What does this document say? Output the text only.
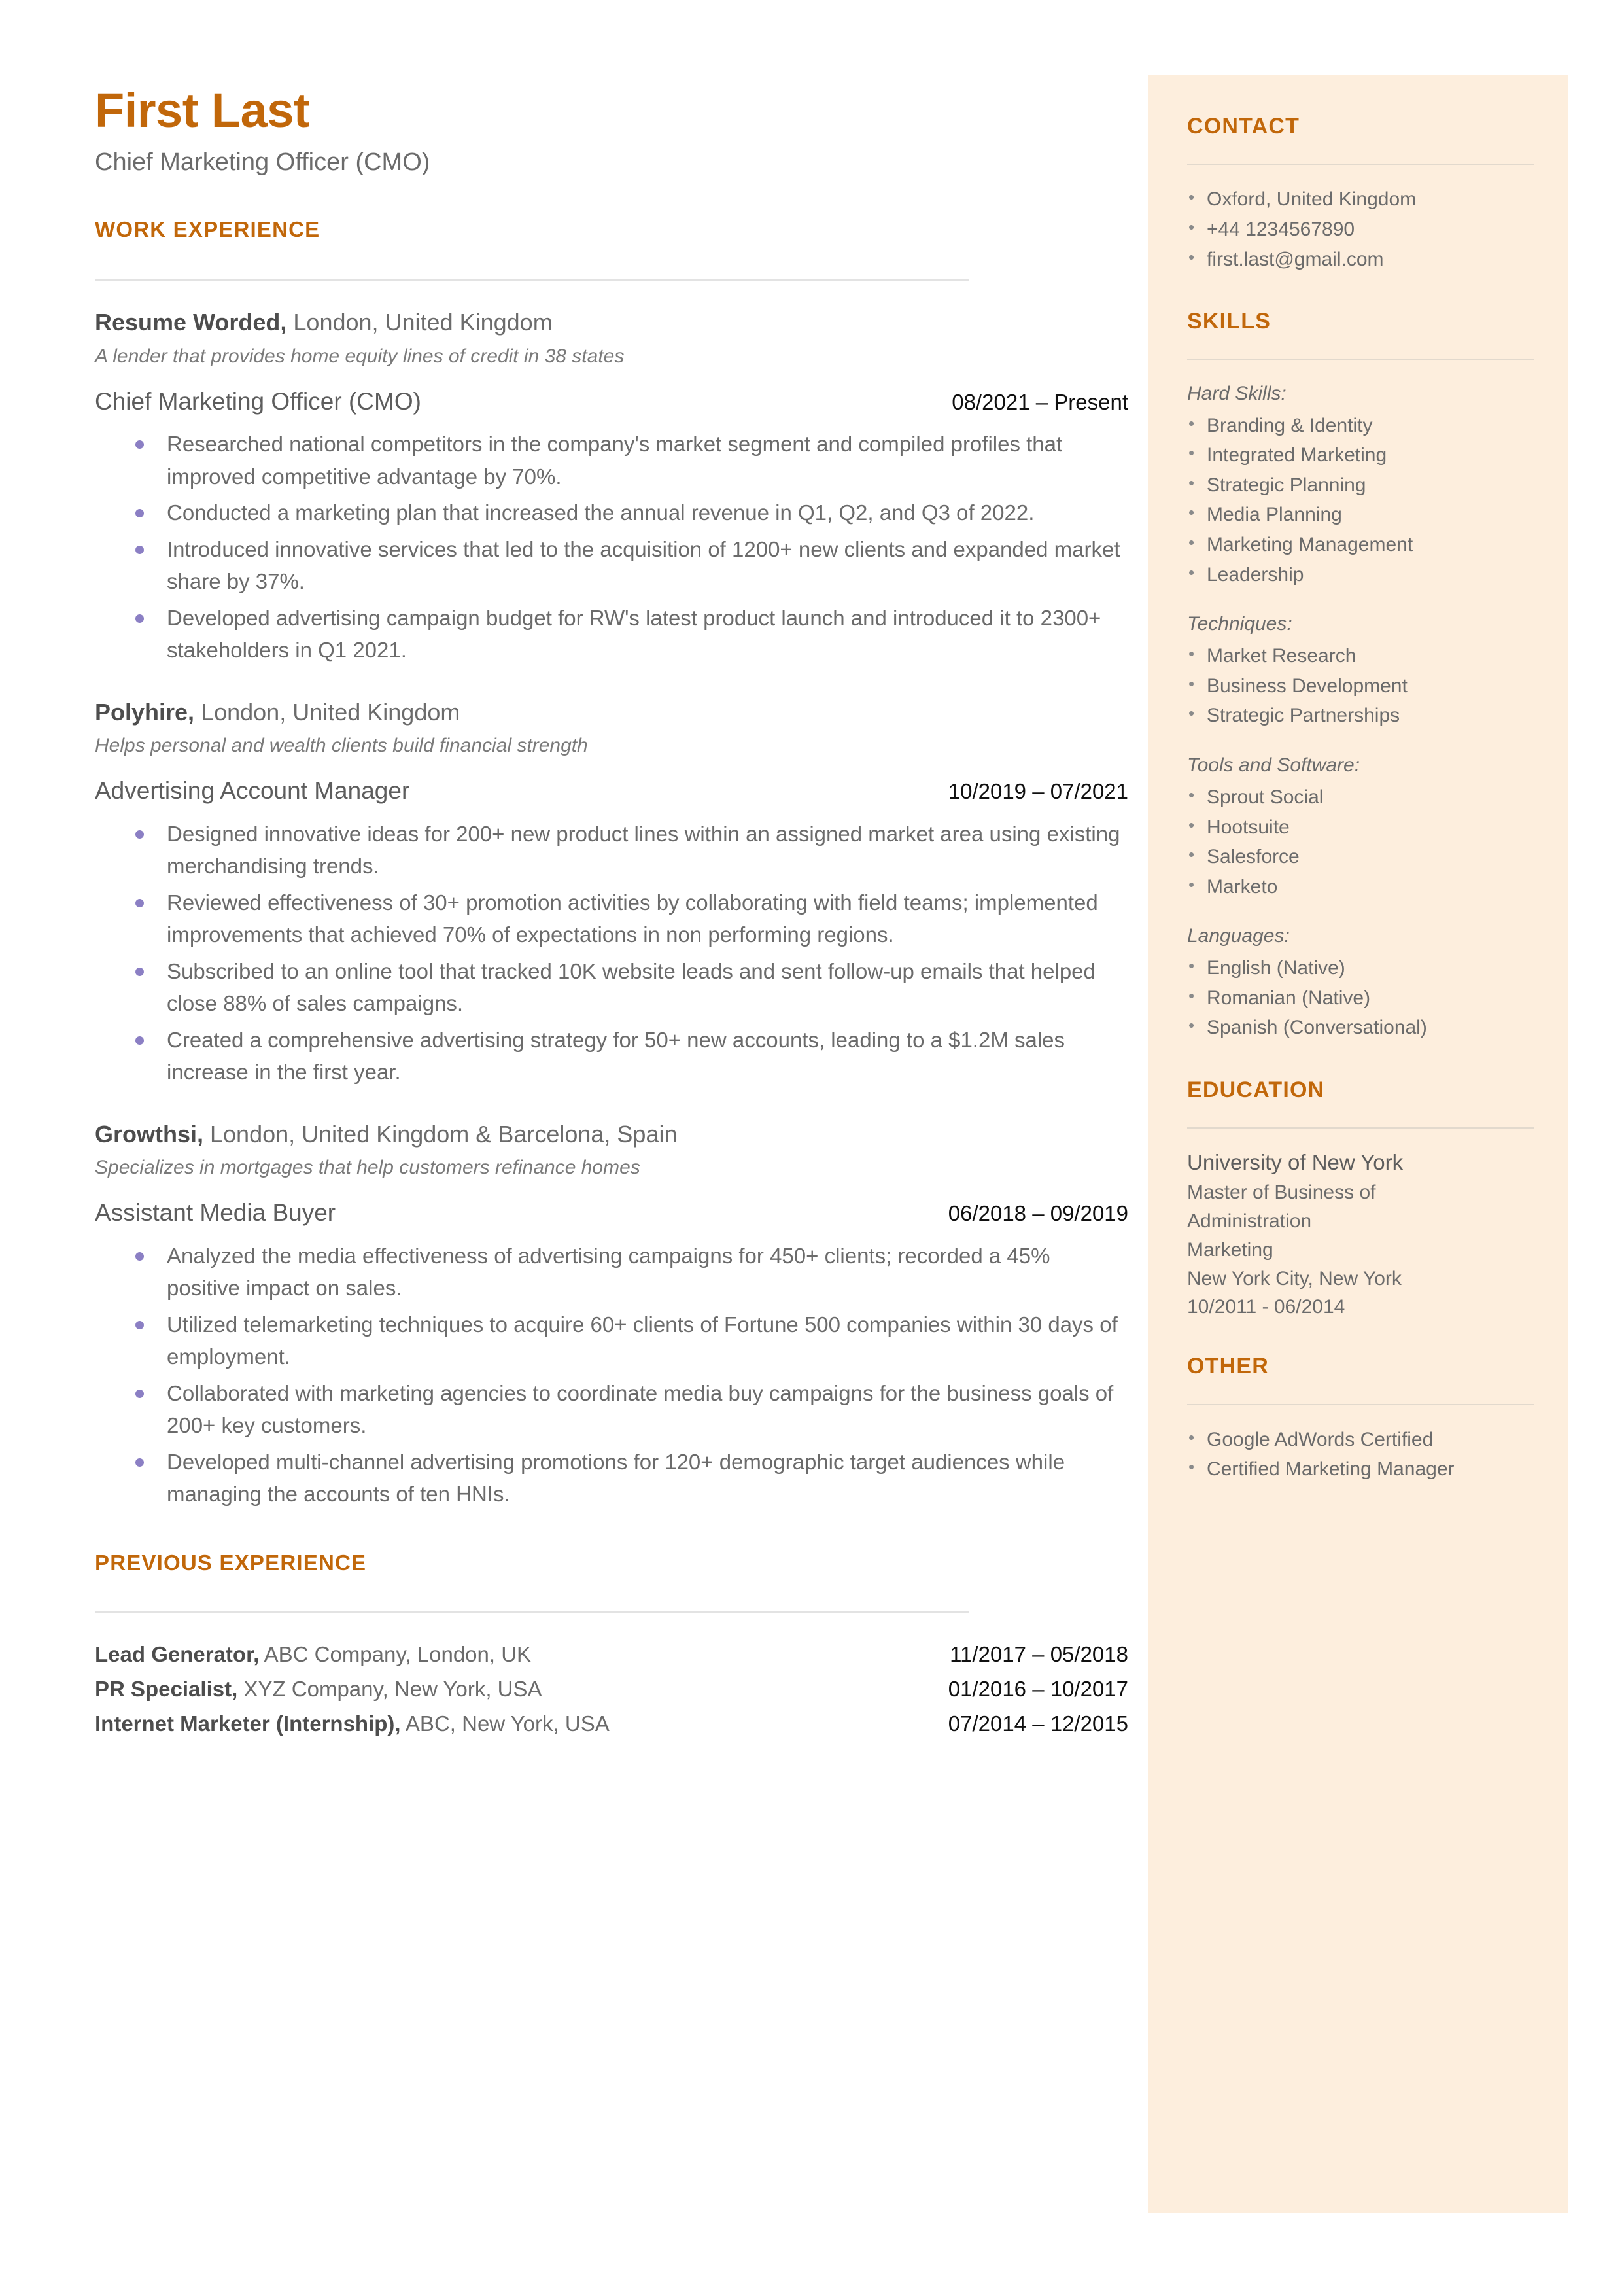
First Last
Chief Marketing Officer (CMO)
WORK EXPERIENCE
Resume Worded, London, United Kingdom
A lender that provides home equity lines of credit in 38 states
Chief Marketing Officer (CMO)	08/2021 – Present
Researched national competitors in the company's market segment and compiled profiles that improved competitive advantage by 70%.
Conducted a marketing plan that increased the annual revenue in Q1, Q2, and Q3 of 2022.
Introduced innovative services that led to the acquisition of 1200+ new clients and expanded market share by 37%.
Developed advertising campaign budget for RW's latest product launch and introduced it to 2300+ stakeholders in Q1 2021.
Polyhire, London, United Kingdom
Helps personal and wealth clients build financial strength
Advertising Account Manager	10/2019 – 07/2021
Designed innovative ideas for 200+ new product lines within an assigned market area using existing merchandising trends.
Reviewed effectiveness of 30+ promotion activities by collaborating with field teams; implemented improvements that achieved 70% of expectations in non performing regions.
Subscribed to an online tool that tracked 10K website leads and sent follow-up emails that helped close 88% of sales campaigns.
Created a comprehensive advertising strategy for 50+ new accounts, leading to a $1.2M sales increase in the first year.
Growthsi, London, United Kingdom & Barcelona, Spain
Specializes in mortgages that help customers refinance homes
Assistant Media Buyer	06/2018 – 09/2019
Analyzed the media effectiveness of advertising campaigns for 450+ clients; recorded a 45% positive impact on sales.
Utilized telemarketing techniques to acquire 60+ clients of Fortune 500 companies within 30 days of employment.
Collaborated with marketing agencies to coordinate media buy campaigns for the business goals of 200+ key customers.
Developed multi-channel advertising promotions for 120+ demographic target audiences while managing the accounts of ten HNIs.
PREVIOUS EXPERIENCE
Lead Generator, ABC Company, London, UK	11/2017 – 05/2018
PR Specialist, XYZ Company, New York, USA	01/2016 – 10/2017
Internet Marketer (Internship), ABC, New York, USA	07/2014 – 12/2015
CONTACT
• Oxford, United Kingdom
• +44 1234567890
• first.last@gmail.com
SKILLS
Hard Skills:
• Branding & Identity
• Integrated Marketing
• Strategic Planning
• Media Planning
• Marketing Management
• Leadership
Techniques:
• Market Research
• Business Development
• Strategic Partnerships
Tools and Software:
• Sprout Social
• Hootsuite
• Salesforce
• Marketo
Languages:
• English (Native)
• Romanian (Native)
• Spanish (Conversational)
EDUCATION
University of New York
Master of Business of
Administration
Marketing
New York City, New York
10/2011 - 06/2014
OTHER
• Google AdWords Certified
• Certified Marketing Manager
